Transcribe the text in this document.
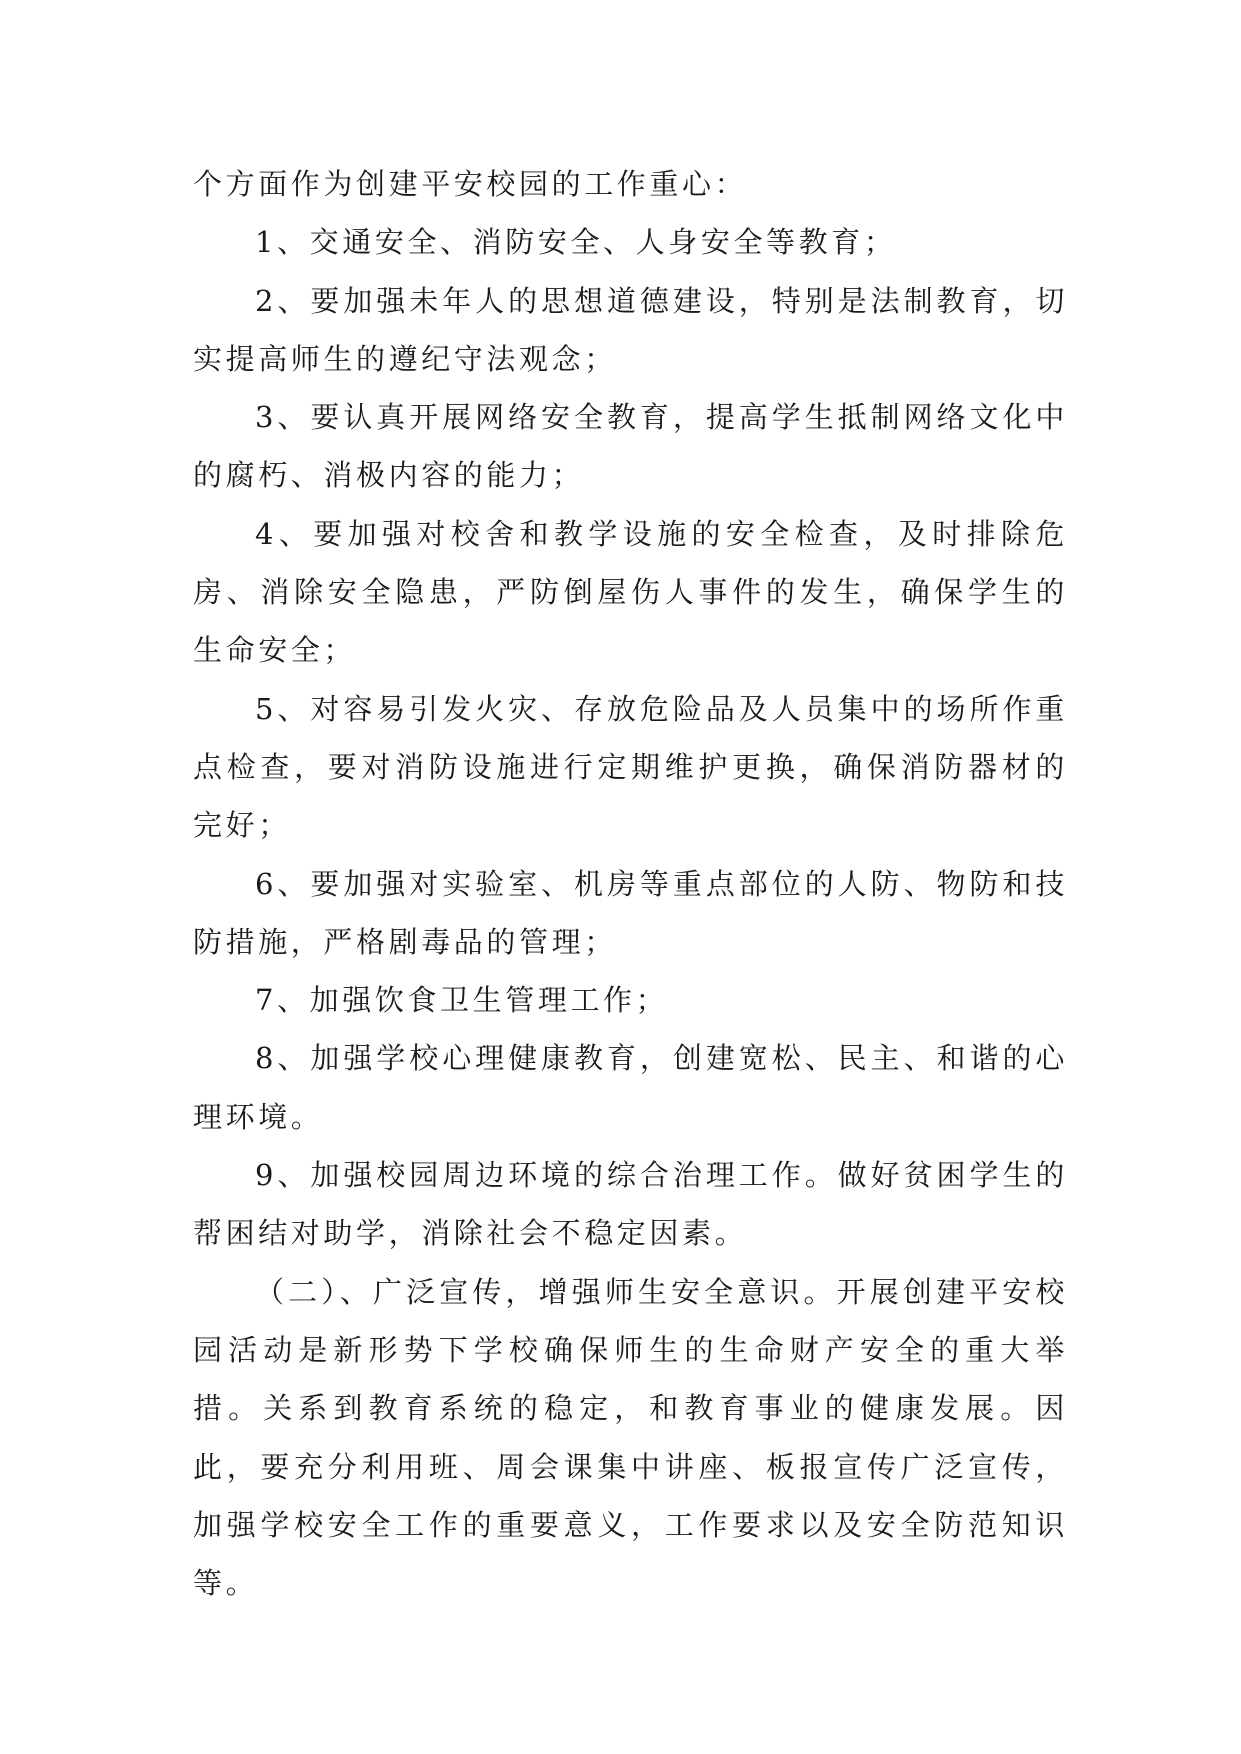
个方面作为创建平安校园的工作重心：

1、交通安全、消防安全、人身安全等教育；

2、要加强未年人的思想道德建设，特别是法制教育，切实提高师生的遵纪守法观念；

3、要认真开展网络安全教育，提高学生抵制网络文化中的腐朽、消极内容的能力；

4、要加强对校舍和教学设施的安全检查，及时排除危房、消除安全隐患，严防倒屋伤人事件的发生，确保学生的生命安全；

5、对容易引发火灾、存放危险品及人员集中的场所作重点检查，要对消防设施进行定期维护更换，确保消防器材的完好；

6、要加强对实验室、机房等重点部位的人防、物防和技防措施，严格剧毒品的管理；

7、加强饮食卫生管理工作；

8、加强学校心理健康教育，创建宽松、民主、和谐的心理环境。

9、加强校园周边环境的综合治理工作。做好贫困学生的帮困结对助学，消除社会不稳定因素。

（二）、广泛宣传，增强师生安全意识。开展创建平安校园活动是新形势下学校确保师生的生命财产安全的重大举措。关系到教育系统的稳定，和教育事业的健康发展。因此，要充分利用班、周会课集中讲座、板报宣传广泛宣传，加强学校安全工作的重要意义，工作要求以及安全防范知识等。
